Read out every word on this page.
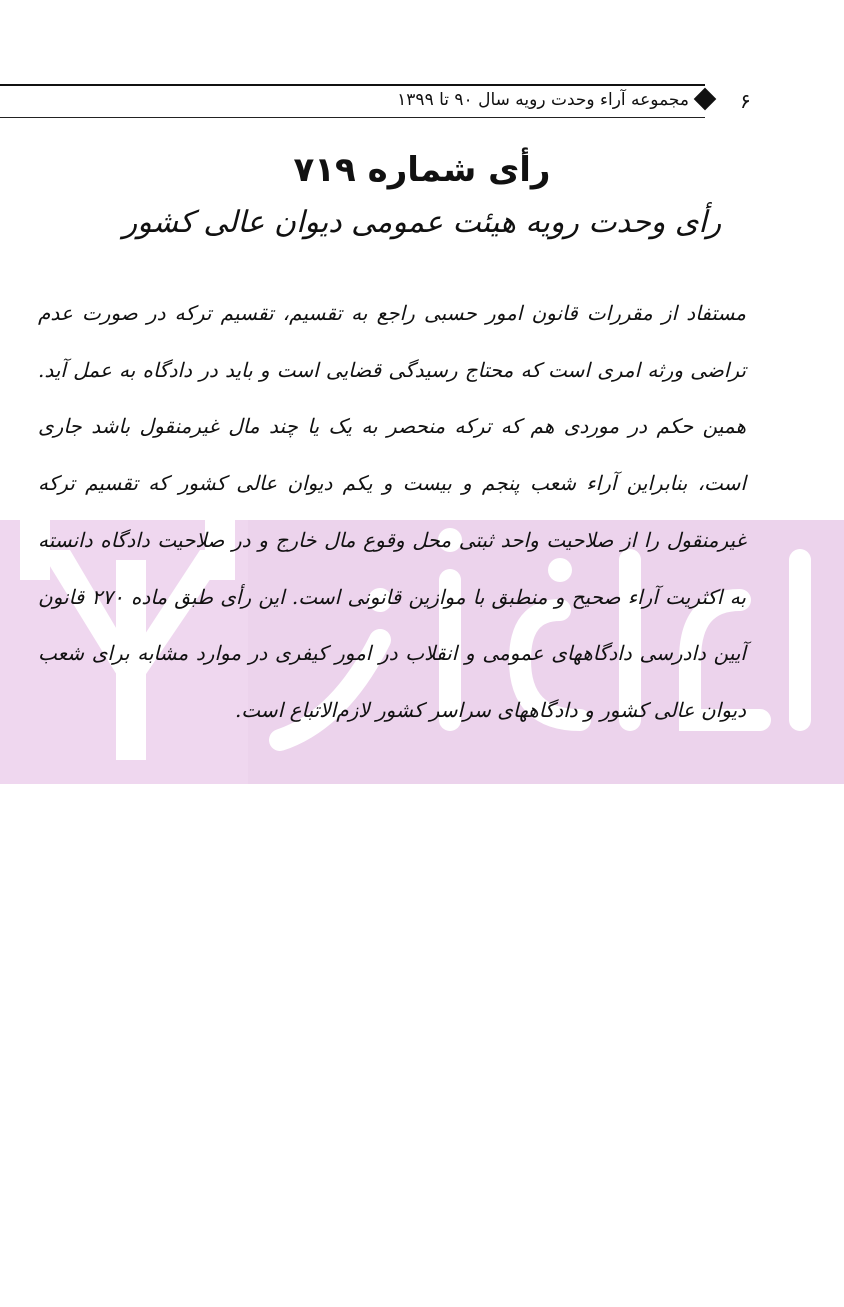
۶
مجموعه آراء وحدت رویه سال ۹۰ تا ۱۳۹۹
رأی شماره ۷۱۹
رأی وحدت رویه هیئت عمومی دیوان عالی کشور
مستفاد از مقررات قانون امور حسبی راجع به تقسیم، تقسیم ترکه در صورت عدم تراضی ورثه امری است که محتاج رسیدگی قضایی است و باید در دادگاه به عمل آید. همین حکم در موردی هم که ترکه منحصر به یک یا چند مال غیرمنقول باشد جاری است، بنابراین آراء شعب پنجم و بیست و یکم دیوان عالی کشور که تقسیم ترکه غیرمنقول را از صلاحیت واحد ثبتی محل وقوع مال خارج و در صلاحیت دادگاه دانسته به اکثریت آراء صحیح و منطبق با موازین قانونی است. این رأی طبق ماده ۲۷۰ قانون آیین دادرسی دادگاههای عمومی و انقلاب در امور کیفری در موارد مشابه برای شعب دیوان عالی کشور و دادگاههای سراسر کشور لازم‌الاتباع است.
